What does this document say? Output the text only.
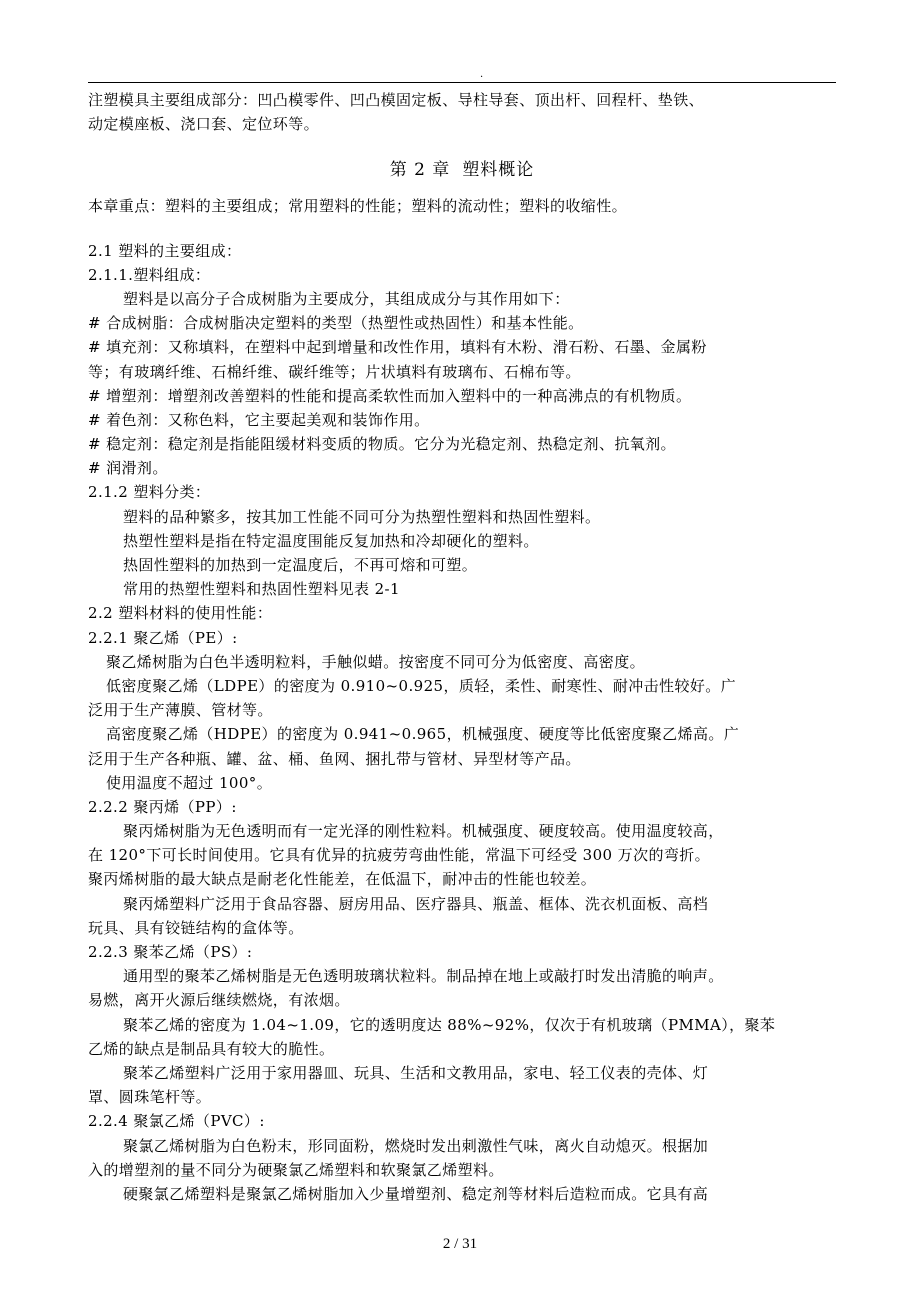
.
注塑模具主要组成部分：凹凸模零件、凹凸模固定板、导柱导套、顶出杆、回程杆、垫铁、
动定模座板、浇口套、定位环等。
第 2 章 塑料概论
本章重点：塑料的主要组成；常用塑料的性能；塑料的流动性；塑料的收缩性。
2.1 塑料的主要组成：
2.1.1.塑料组成：
塑料是以高分子合成树脂为主要成分，其组成成分与其作用如下：
# 合成树脂：合成树脂决定塑料的类型（热塑性或热固性）和基本性能。
# 填充剂：又称填料，在塑料中起到增量和改性作用，填料有木粉、滑石粉、石墨、金属粉
等；有玻璃纤维、石棉纤维、碳纤维等；片状填料有玻璃布、石棉布等。
# 增塑剂：增塑剂改善塑料的性能和提高柔软性而加入塑料中的一种高沸点的有机物质。
# 着色剂：又称色料，它主要起美观和装饰作用。
# 稳定剂：稳定剂是指能阻缓材料变质的物质。它分为光稳定剂、热稳定剂、抗氧剂。
# 润滑剂。
2.1.2 塑料分类：
塑料的品种繁多，按其加工性能不同可分为热塑性塑料和热固性塑料。
热塑性塑料是指在特定温度围能反复加热和冷却硬化的塑料。
热固性塑料的加热到一定温度后，不再可熔和可塑。
常用的热塑性塑料和热固性塑料见表 2-1
2.2 塑料材料的使用性能：
2.2.1 聚乙烯（PE）:
聚乙烯树脂为白色半透明粒料，手触似蜡。按密度不同可分为低密度、高密度。
低密度聚乙烯（LDPE）的密度为 0.910~0.925，质轻，柔性、耐寒性、耐冲击性较好。广
泛用于生产薄膜、管材等。
高密度聚乙烯（HDPE）的密度为 0.941~0.965，机械强度、硬度等比低密度聚乙烯高。广
泛用于生产各种瓶、罐、盆、桶、鱼网、捆扎带与管材、异型材等产品。
使用温度不超过 100°。
2.2.2 聚丙烯（PP）:
聚丙烯树脂为无色透明而有一定光泽的刚性粒料。机械强度、硬度较高。使用温度较高，
在 120°下可长时间使用。它具有优异的抗疲劳弯曲性能，常温下可经受 300 万次的弯折。
聚丙烯树脂的最大缺点是耐老化性能差，在低温下，耐冲击的性能也较差。
聚丙烯塑料广泛用于食品容器、厨房用品、医疗器具、瓶盖、框体、洗衣机面板、高档
玩具、具有铰链结构的盒体等。
2.2.3 聚苯乙烯（PS）:
通用型的聚苯乙烯树脂是无色透明玻璃状粒料。制品掉在地上或敲打时发出清脆的响声。
易燃，离开火源后继续燃烧，有浓烟。
聚苯乙烯的密度为 1.04~1.09，它的透明度达 88%~92%，仅次于有机玻璃（PMMA），聚苯
乙烯的缺点是制品具有较大的脆性。
聚苯乙烯塑料广泛用于家用器皿、玩具、生活和文教用品，家电、轻工仪表的壳体、灯
罩、圆珠笔杆等。
2.2.4 聚氯乙烯（PVC）:
聚氯乙烯树脂为白色粉末，形同面粉，燃烧时发出刺激性气味，离火自动熄灭。根据加
入的增塑剂的量不同分为硬聚氯乙烯塑料和软聚氯乙烯塑料。
硬聚氯乙烯塑料是聚氯乙烯树脂加入少量增塑剂、稳定剂等材料后造粒而成。它具有高
2 / 31
